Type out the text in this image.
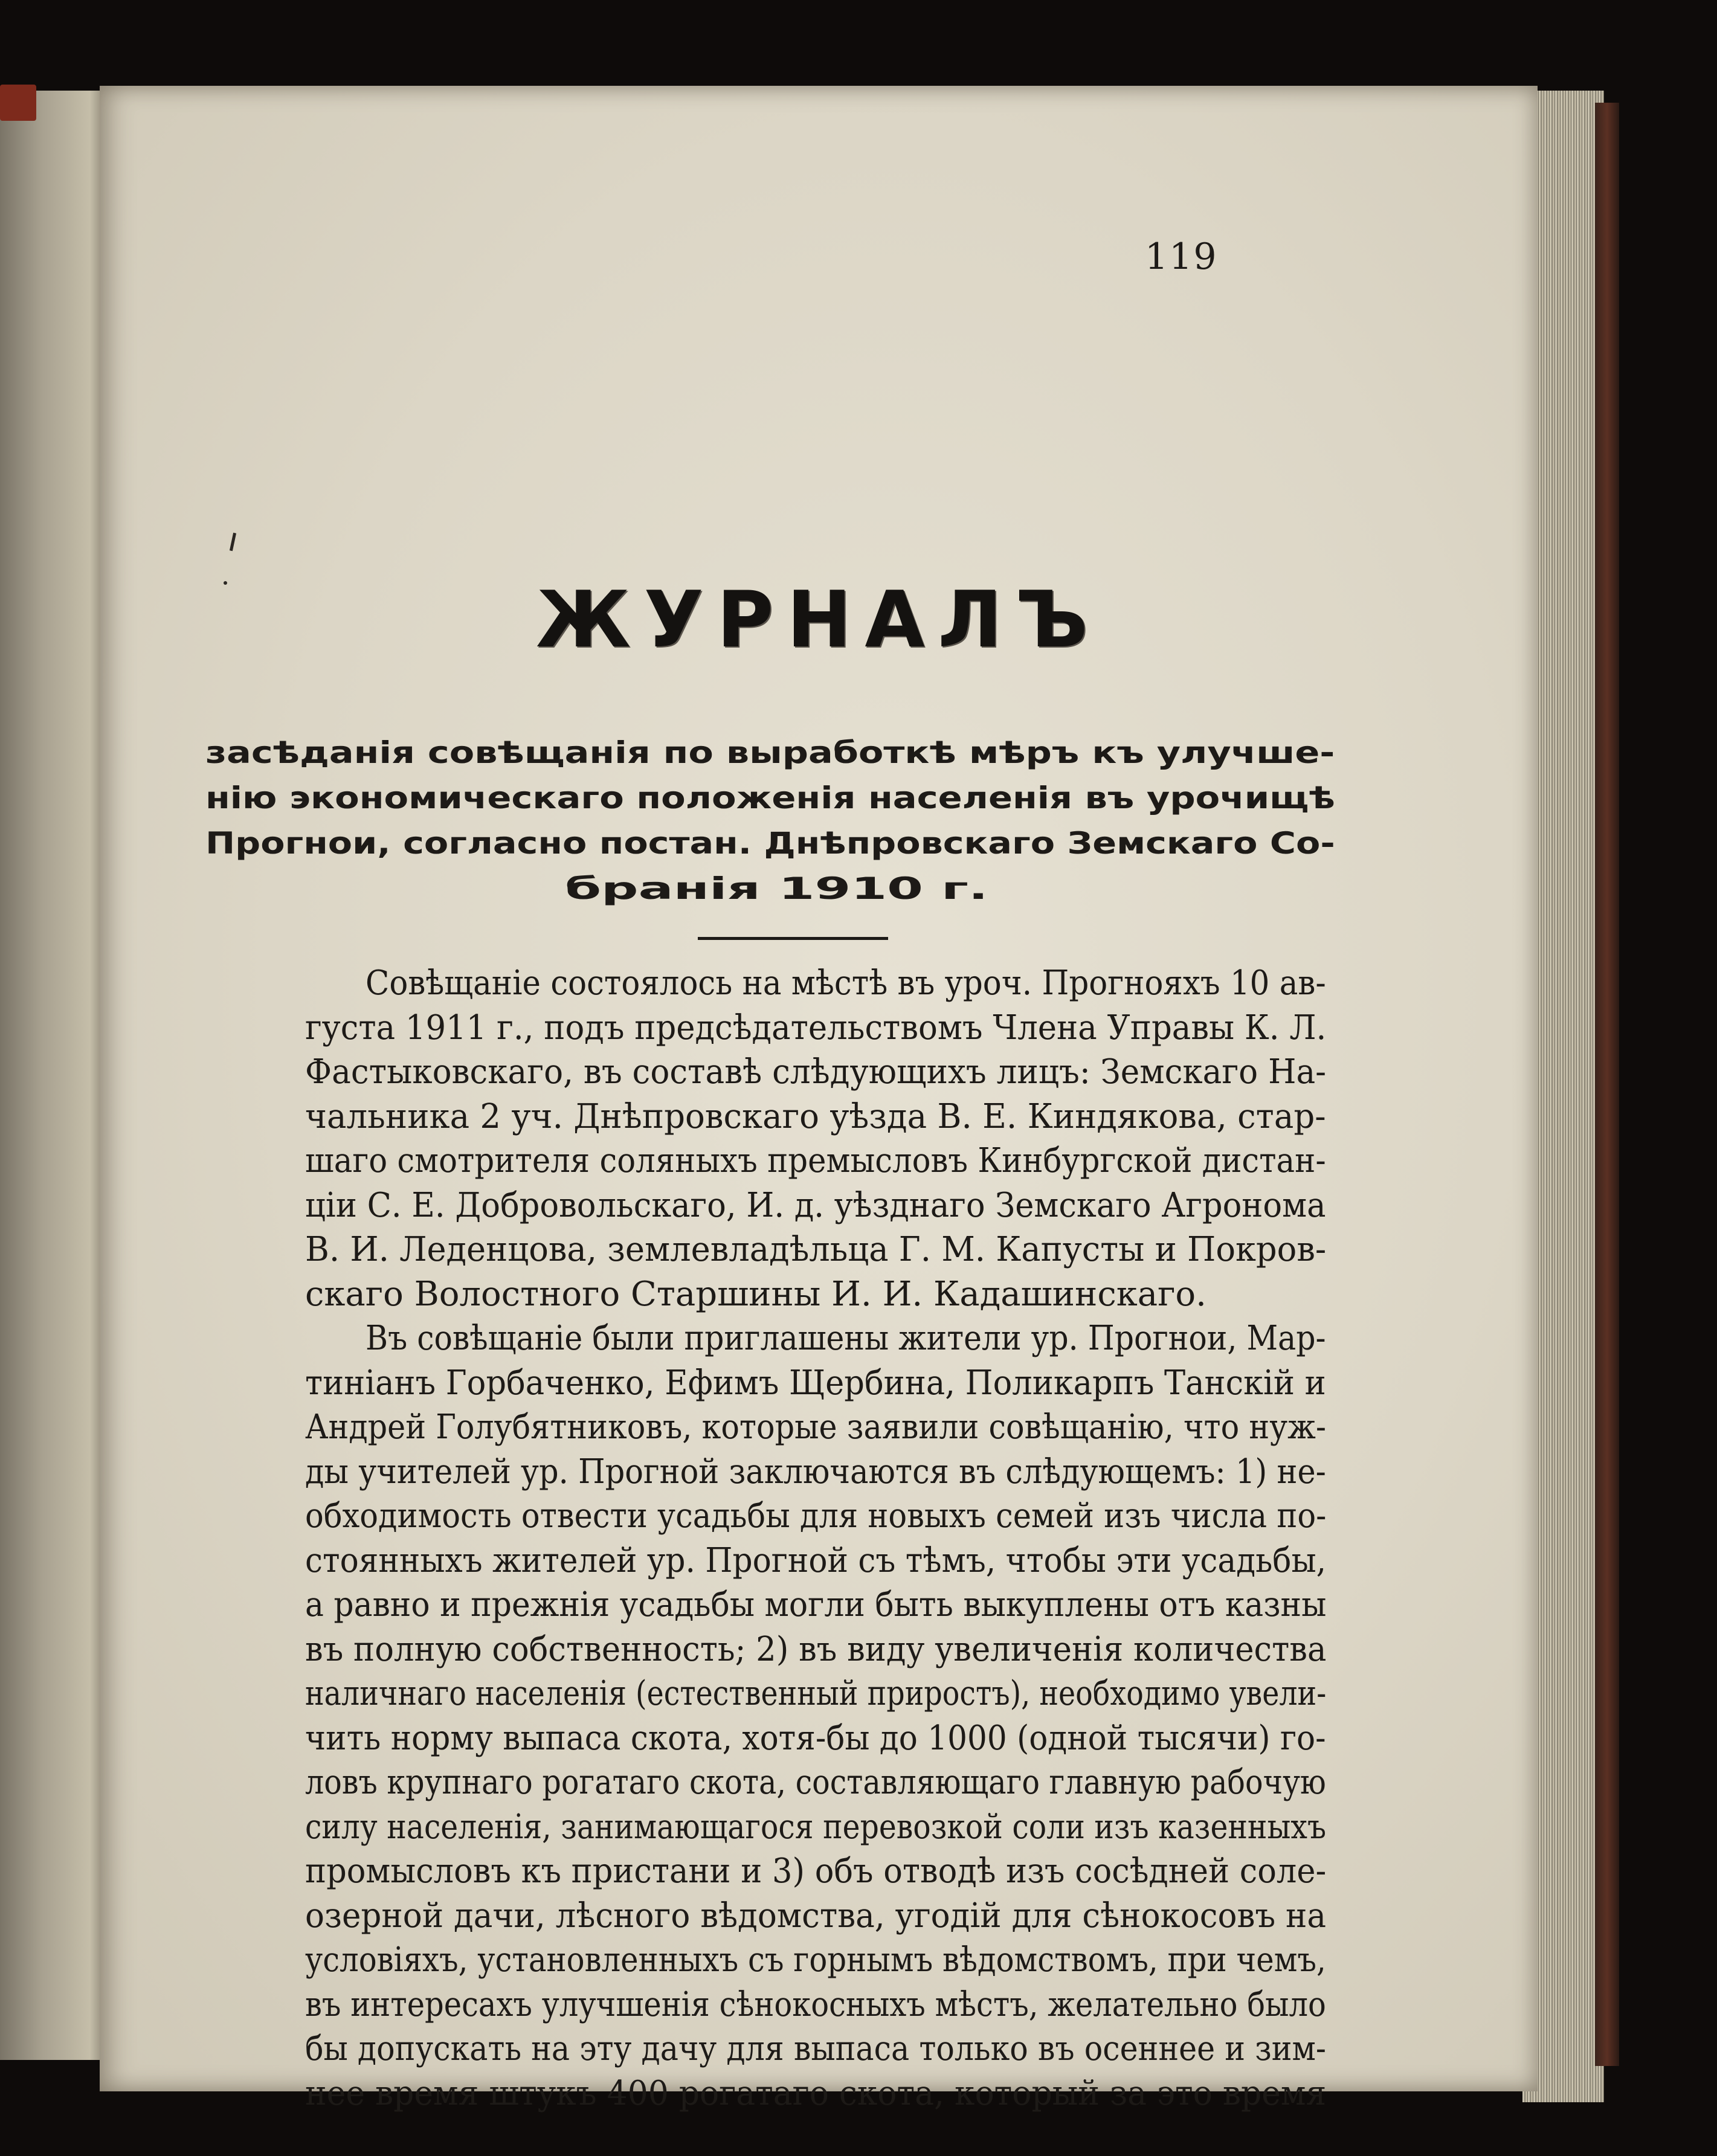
119
ЖУРНАЛЪ
засѣданія совѣщанія по выработкѣ мѣръ къ улучше-
нію экономическаго положенія населенія въ урочищѣ
Прогнои, согласно постан. Днѣпровскаго Земскаго Со-
бранія 1910 г.
Совѣщаніе состоялось на мѣстѣ въ уроч. Прогнояхъ 10 ав-
густа 1911 г., подъ предсѣдательствомъ Члена Управы К. Л.
Фастыковскаго, въ составѣ слѣдующихъ лицъ: Земскаго На-
чальника 2 уч. Днѣпровскаго уѣзда В. Е. Киндякова, стар-
шаго смотрителя соляныхъ премысловъ Кинбургской дистан-
ціи С. Е. Добровольскаго, И. д. уѣзднаго Земскаго Агронома
В. И. Леденцова, землевладѣльца Г. М. Капусты и Покров-
скаго Волостного Старшины И. И. Кадашинскаго.
Въ совѣщаніе были приглашены жители ур. Прогнои, Мар-
тиніанъ Горбаченко, Ефимъ Щербина, Поликарпъ Танскій и
Андрей Голубятниковъ, которые заявили совѣщанію, что нуж-
ды учителей ур. Прогной заключаются въ слѣдующемъ: 1) не-
обходимость отвести усадьбы для новыхъ семей изъ числа по-
стоянныхъ жителей ур. Прогной съ тѣмъ, чтобы эти усадьбы,
а равно и прежнія усадьбы могли быть выкуплены отъ казны
въ полную собственность; 2) въ виду увеличенія количества
наличнаго населенія (естественный приростъ), необходимо увели-
чить норму выпаса скота, хотя-бы до 1000 (одной тысячи) го-
ловъ крупнаго рогатаго скота, составляющаго главную рабочую
силу населенія, занимающагося перевозкой соли изъ казенныхъ
промысловъ къ пристани и 3) объ отводѣ изъ сосѣдней соле-
озерной дачи, лѣсного вѣдомства, угодій для сѣнокосовъ на
условіяхъ, установленныхъ съ горнымъ вѣдомствомъ, при чемъ,
въ интересахъ улучшенія сѣнокосныхъ мѣстъ, желательно было
бы допускать на эту дачу для выпаса только въ осеннее и зим-
нее время штукъ 400 рогатаго скота, который за это время
